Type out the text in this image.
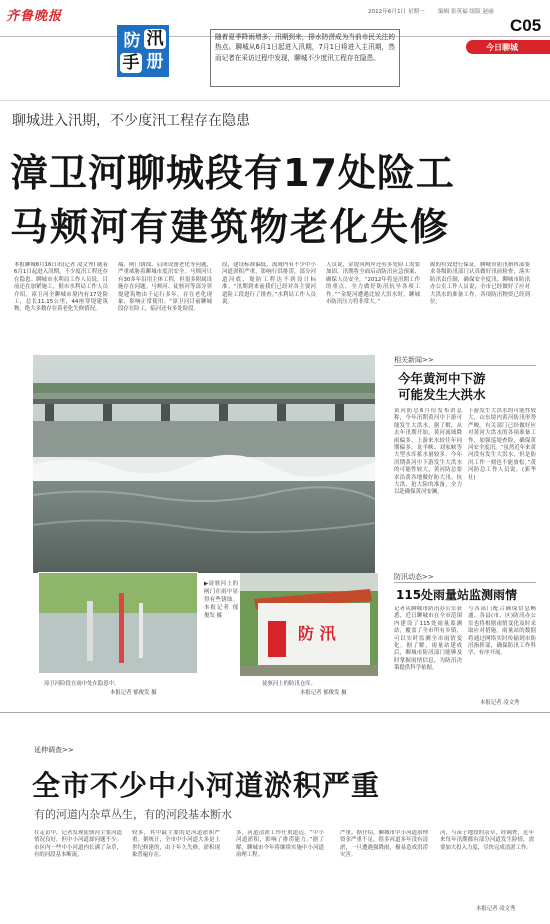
齐鲁晚报	2012年6月1日 星期一 编辑 张英福 组版 赵丽
C05
今日聊城
防 汛
手 册
随着夏季降雨增多，汛期到来，排水防涝成为当前市民关注的热点。聊城从6月1日起进入汛期，7月1日将进入主汛期，然而记者在采访过程中发现，聊城不少度汛工程存在隐患。
聊城进入汛期，不少度汛工程存在隐患
漳卫河聊城段有17处险工
马颊河有建筑物老化失修
本报聊城6月16日讯(记者 凌文秀) 随着6月1日起进入汛期，不少度汛工程还存在隐患。聊城市水利局工作人员说，目前还在加紧施工。据市水利局工作人员介绍，漳卫河全聊城市境内有17处险工，总长11.15公里，44座穿堤建筑物，绝大多数存在着老化失修情况。
漏、闸门锈蚀、启闭设备老化等问题，严重威胁着聊城市度汛安全。马颊河只有30多年沿用主体工程，但很多附属设施存在问题。马颊河、徒骇河等部分穿堤建筑物由于运行多年，存在老化现象，影响正常使用。“漳卫河目前聊城段存在险工，临河还有多处险段。
段，建设标准偏低，流域内有不少中小河道淤积严重，影响行洪排涝，部分河道河底、堤防工程达不到设计标准。“汛期到来前我们已经对各主要河道险工段进行了排查。”水利局工作人员说。
人员说，金堤河两岸还有多处险工需要加固，汛期将全面启动防汛应急预案，确保人员安全。“2012年将是汛期工作的重点，全力做好防汛抗旱各项工作。”“金堤河遭遇比较大洪水时，聊城市防汛压力将非常大。”
源的有效进行保证。聊城市防汛指挥部要求各级防汛部门认真做好汛前检查，落实防汛责任制，确保安全度汛。聊城市防汛办公室工作人员说，全市已经做好了应对大洪水的准备工作，各项防汛物资已经到位。
漳卫河险段在雨中处在隐患中。
本报记者 郁俊发 摄
▶徒骇河上的闸门在雨中显得有些锈蚀。本报记者 郁俊发 摄
防 汛
徒骇河上的防汛仓库。
本报记者 郁俊发 摄
相关新闻>>
今年黄河中下游
可能发生大洪水
黄河防总6月份发布消息称，今年汛期黄河中下游可能发生大洪水。据了解，从去年汛期开始，黄河流域降雨偏多，上游来水较往年同期偏多，龙羊峡、刘家峡等大型水库蓄水量较多。今年汛期黄河中下游发生大洪水的可能性较大，黄河防总要求沿黄各地做好防大汛、抗大洪、抢大险的准备，全力以赴确保黄河安澜。
下游发生大洪水的可能性较大，山东境内黄河防汛形势严峻。有关部门已经做好应对黄河大洪水的各项准备工作，加强巡堤查险，确保黄河安全度汛。“虽然近年来黄河没有发生大洪水，但是防汛工作一刻也不能放松。”黄河防总工作人员说。(新华社)
防汛动态>>
115处雨量站监测雨情
记者从聊城市防汛办公室获悉，近日聊城市在全市范围内建设了115处雨量监测站，覆盖了全市所有乡镇，可以实时监测全市雨情变化。据了解，雨量站建成后，聊城市防汛部门能够及时掌握雨情信息，为防汛决策提供科学依据。
与各部门配合确保信息畅通。各县(市、区)防汛办公室也将根据雨情变化及时采取应对措施。雨量站的数据将通过网络实时传输到市防汛指挥部，确保防汛工作科学、有序开展。
本报记者 凌文秀
延伸调查>>
全市不少中小河道淤积严重
有的河道内杂草丛生，有的河段基本断水
在走访中，记者发现徒骇河主要河道情况良好，但中小河道却问题不少。市区内一些中小河道内长满了杂草，有的河段基本断流。
较多，其中最主要的是河道淤积严重。据统计，全市中小河道大多是上世纪修建的，由于年久失修，淤积现象普遍存在。
多，河道清淤工作任重道远。“中小河道淤积，影响了排涝能力。”据了解，聊城市今年将继续实施中小河道治理工程。
严重。据介绍，聊城市中小河道治理资金严重不足，很多河道多年没有清淤，一旦遭遇强降雨，极易造成洪涝灾害。
河，与苗子地段的杂草，经调查，近年来每年汛期都有部分河道发生险情，需要加大投入力度，尽快完成清淤工作。
本报记者 凌文秀
